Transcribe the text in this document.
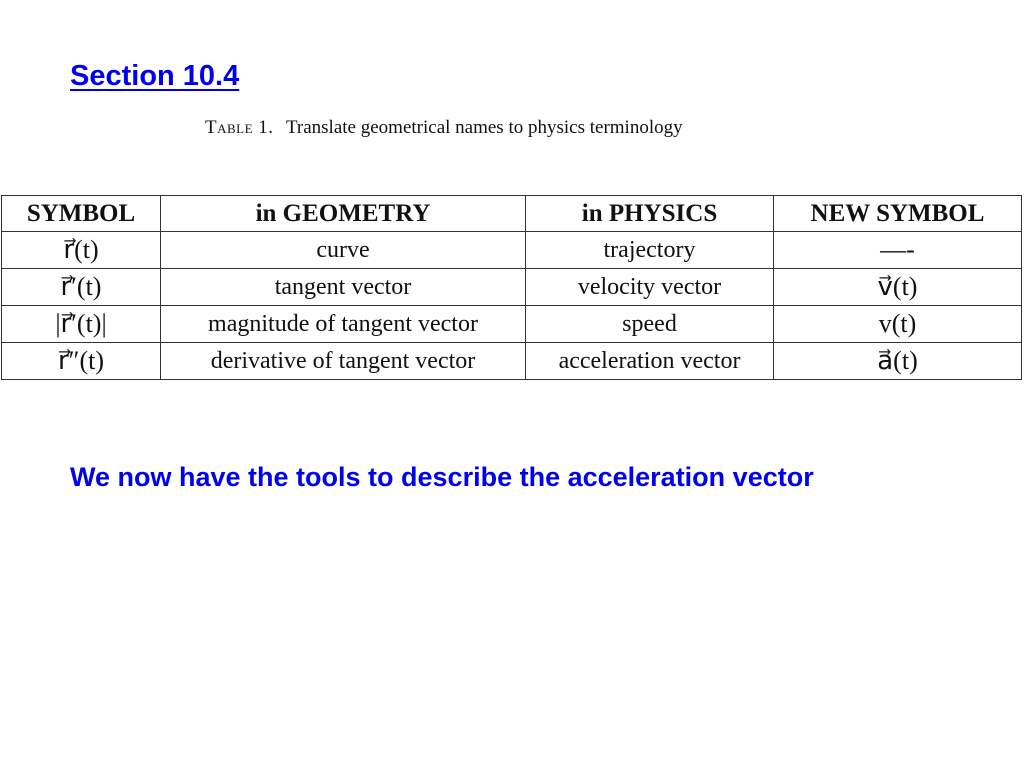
Section 10.4
Table 1. Translate geometrical names to physics terminology
SYMBOL	in GEOMETRY	in PHYSICS	NEW SYMBOL
r⃗(t)	curve	trajectory	—-
r⃗′(t)	tangent vector	velocity vector	v⃗(t)
|r⃗′(t)|	magnitude of tangent vector	speed	v(t)
r⃗″(t)	derivative of tangent vector	acceleration vector	a⃗(t)
We now have the tools to describe the acceleration vector
